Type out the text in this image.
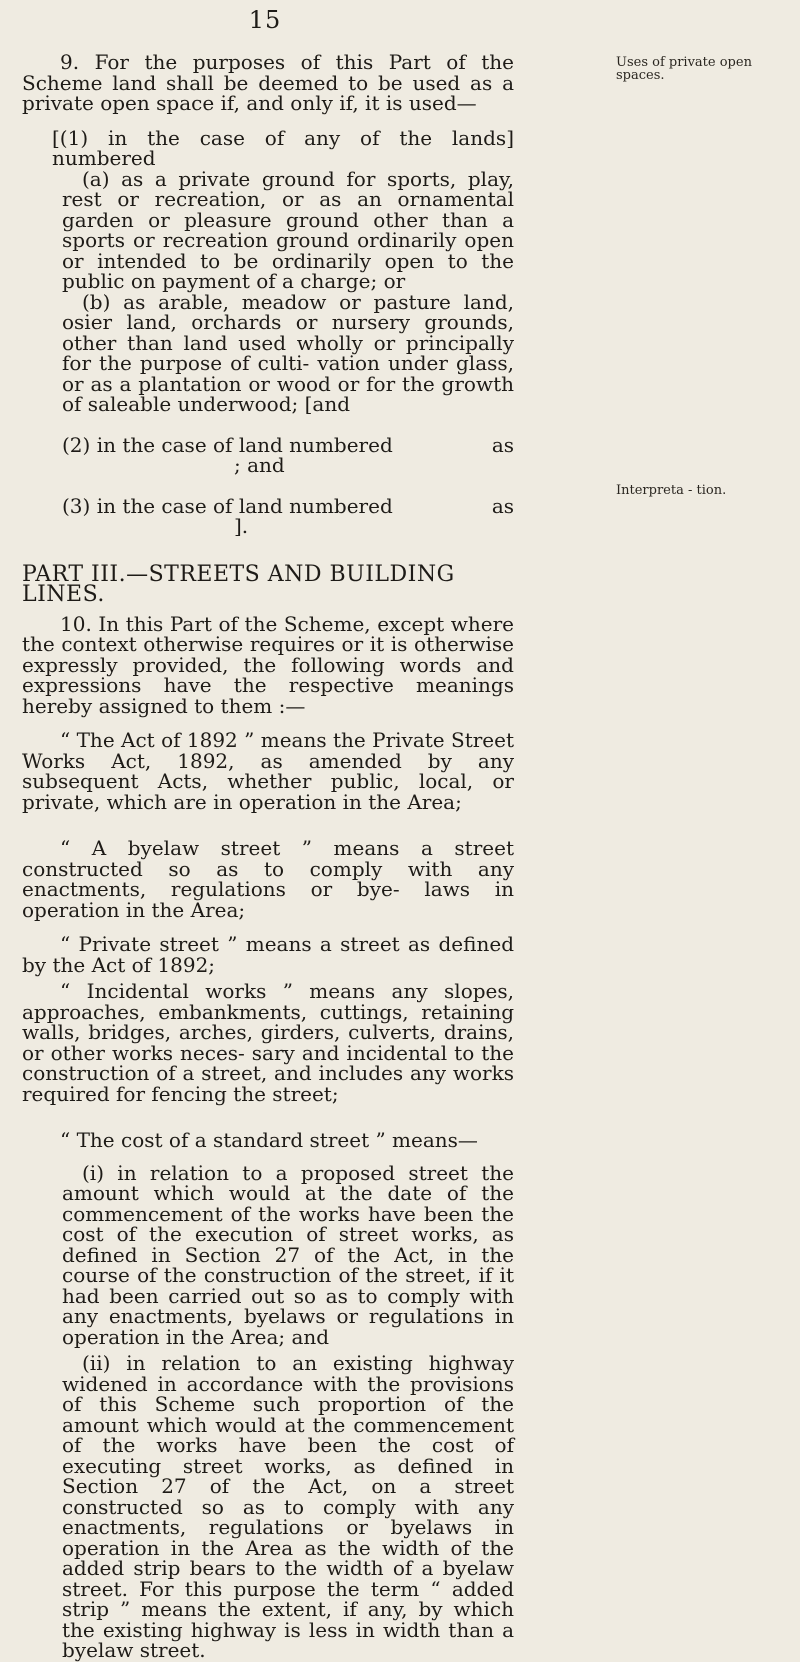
15
Uses of private open spaces.
Interpreta - tion.

9. For the purposes of this Part of the Scheme land shall be deemed to be used as a private open space if, and only if, it is used—

[(1) in the case of any of the lands numbered
]

(a) as a private ground for sports, play, rest or recreation, or as an ornamental garden or pleasure ground other than a sports or recreation ground ordinarily open or intended to be ordinarily open to the public on payment of a charge; or

(b) as arable, meadow or pasture land, osier land, orchards or nursery grounds, other than land used wholly or principally for the purpose of culti- vation under glass, or as a plantation or wood or for the growth of saleable underwood; [and

(2) in the case of land numbered	as

; and

(3) in the case of land numbered	as

].

PART III.—STREETS AND BUILDING LINES.

10. In this Part of the Scheme, except where the context otherwise requires or it is otherwise expressly provided, the following words and expressions have the respective meanings hereby assigned to them :—

“ The Act of 1892 ” means the Private Street Works Act, 1892, as amended by any subsequent Acts, whether public, local, or private, which are in operation in the Area;

“ A byelaw street ” means a street constructed so as to comply with any enactments, regulations or bye- laws in operation in the Area;

“ Private street ” means a street as defined by the Act of 1892;

“ Incidental works ” means any slopes, approaches, embankments, cuttings, retaining walls, bridges, arches, girders, culverts, drains, or other works neces- sary and incidental to the construction of a street, and includes any works required for fencing the street;

“ The cost of a standard street ” means—

(i) in relation to a proposed street the amount which would at the date of the commencement of the works have been the cost of the execution of street works, as defined in Section 27 of the Act, in the course of the construction of the street, if it had been carried out so as to comply with any enactments, byelaws or regulations in operation in the Area; and

(ii) in relation to an existing highway widened in accordance with the provisions of this Scheme such proportion of the amount which would at the commencement of the works have been the cost of executing street works, as defined in Section 27 of the Act, on a street constructed so as to comply with any enactments, regulations or byelaws in operation in the Area as the width of the added strip bears to the width of a byelaw street. For this purpose the term “ added strip ” means the extent, if any, by which the existing highway is less in width than a byelaw street.
